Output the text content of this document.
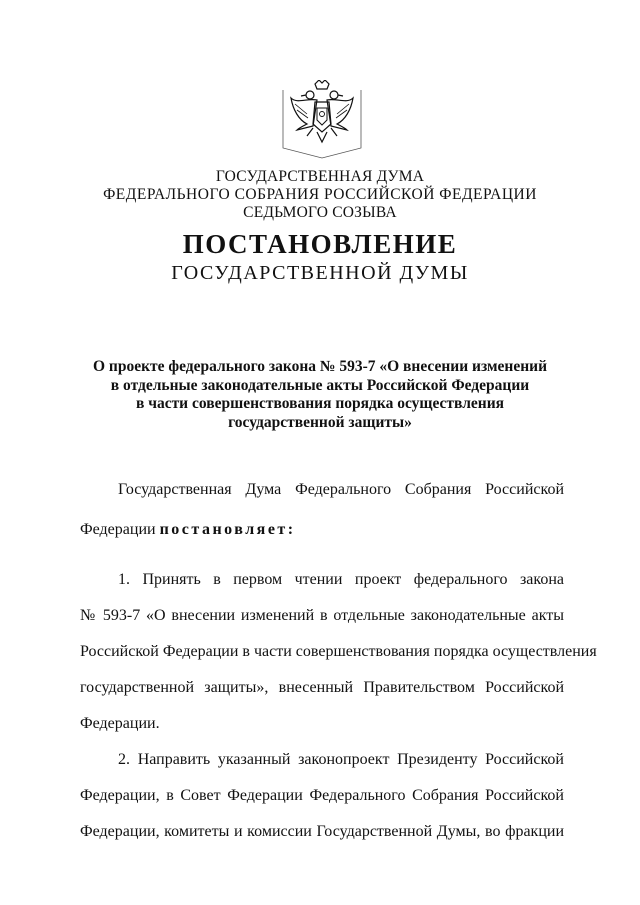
ГОСУДАРСТВЕННАЯ ДУМА
ФЕДЕРАЛЬНОГО СОБРАНИЯ РОССИЙСКОЙ ФЕДЕРАЦИИ
СЕДЬМОГО СОЗЫВА
ПОСТАНОВЛЕНИЕ
ГОСУДАРСТВЕННОЙ ДУМЫ
О проекте федерального закона № 593-7 «О внесении изменений
в отдельные законодательные акты Российской Федерации
в части совершенствования порядка осуществления
государственной защиты»
Государственная Дума Федерального Собрания Российской
Федерации постановляет:
1. Принять в первом чтении проект федерального закона
№ 593-7 «О внесении изменений в отдельные законодательные акты
Российской Федерации в части совершенствования порядка осуществления
государственной защиты», внесенный Правительством Российской
Федерации.
2. Направить указанный законопроект Президенту Российской
Федерации, в Совет Федерации Федерального Собрания Российской
Федерации, комитеты и комиссии Государственной Думы, во фракции
